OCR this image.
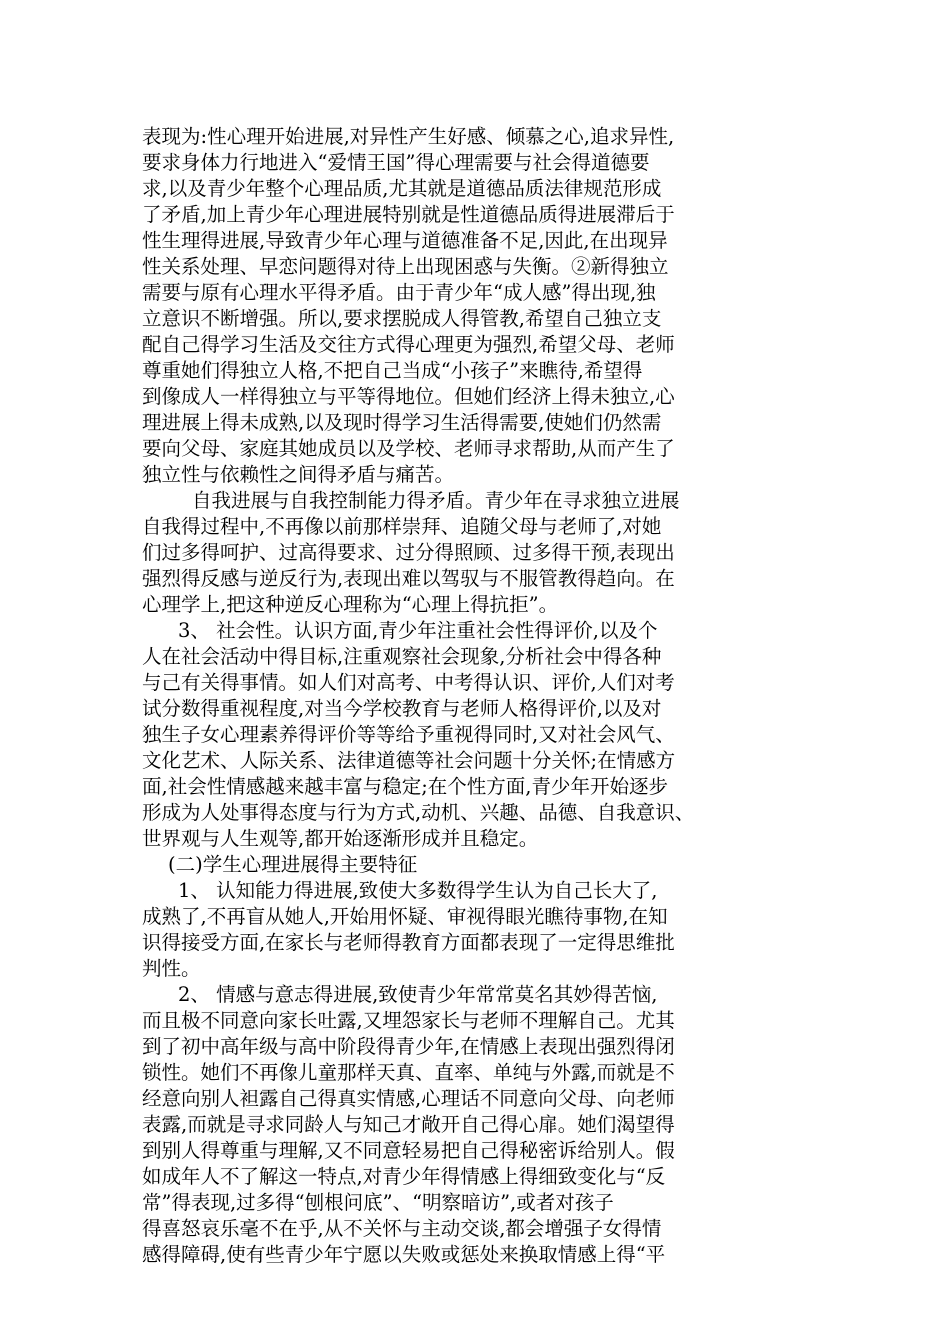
表现为:性心理开始进展,对异性产生好感、倾慕之心,追求异性,
要求身体力行地进入“爱情王国”得心理需要与社会得道德要
求,以及青少年整个心理品质,尤其就是道德品质法律规范形成
了矛盾,加上青少年心理进展特别就是性道德品质得进展滞后于
性生理得进展,导致青少年心理与道德准备不足,因此,在出现异
性关系处理、早恋问题得对待上出现困惑与失衡。②新得独立
需要与原有心理水平得矛盾。由于青少年“成人感”得出现,独
立意识不断增强。所以,要求摆脱成人得管教,希望自己独立支
配自己得学习生活及交往方式得心理更为强烈,希望父母、老师
尊重她们得独立人格,不把自己当成“小孩子”来瞧待,希望得
到像成人一样得独立与平等得地位。但她们经济上得未独立,心
理进展上得未成熟,以及现时得学习生活得需要,使她们仍然需
要向父母、家庭其她成员以及学校、老师寻求帮助,从而产生了
独立性与依赖性之间得矛盾与痛苦。
自我进展与自我控制能力得矛盾。青少年在寻求独立进展
自我得过程中,不再像以前那样崇拜、追随父母与老师了,对她
们过多得呵护、过高得要求、过分得照顾、过多得干预,表现出
强烈得反感与逆反行为,表现出难以驾驭与不服管教得趋向。在
心理学上,把这种逆反心理称为“心理上得抗拒”。
3、 社会性。认识方面,青少年注重社会性得评价,以及个
人在社会活动中得目标,注重观察社会现象,分析社会中得各种
与己有关得事情。如人们对高考、中考得认识、评价,人们对考
试分数得重视程度,对当今学校教育与老师人格得评价,以及对
独生子女心理素养得评价等等给予重视得同时,又对社会风气、
文化艺术、人际关系、法律道德等社会问题十分关怀;在情感方
面,社会性情感越来越丰富与稳定;在个性方面,青少年开始逐步
形成为人处事得态度与行为方式,动机、兴趣、品德、自我意识、
世界观与人生观等,都开始逐渐形成并且稳定。
(二)学生心理进展得主要特征
1、 认知能力得进展,致使大多数得学生认为自己长大了,
成熟了,不再盲从她人,开始用怀疑、审视得眼光瞧待事物,在知
识得接受方面,在家长与老师得教育方面都表现了一定得思维批
判性。
2、 情感与意志得进展,致使青少年常常莫名其妙得苦恼,
而且极不同意向家长吐露,又埋怨家长与老师不理解自己。尤其
到了初中高年级与高中阶段得青少年,在情感上表现出强烈得闭
锁性。她们不再像儿童那样天真、直率、单纯与外露,而就是不
经意向别人袒露自己得真实情感,心理话不同意向父母、向老师
表露,而就是寻求同龄人与知己才敞开自己得心扉。她们渴望得
到别人得尊重与理解,又不同意轻易把自己得秘密诉给别人。假
如成年人不了解这一特点,对青少年得情感上得细致变化与“反
常”得表现,过多得“刨根问底”、“明察暗访”,或者对孩子
得喜怒哀乐毫不在乎,从不关怀与主动交谈,都会增强子女得情
感得障碍,使有些青少年宁愿以失败或惩处来换取情感上得“平
